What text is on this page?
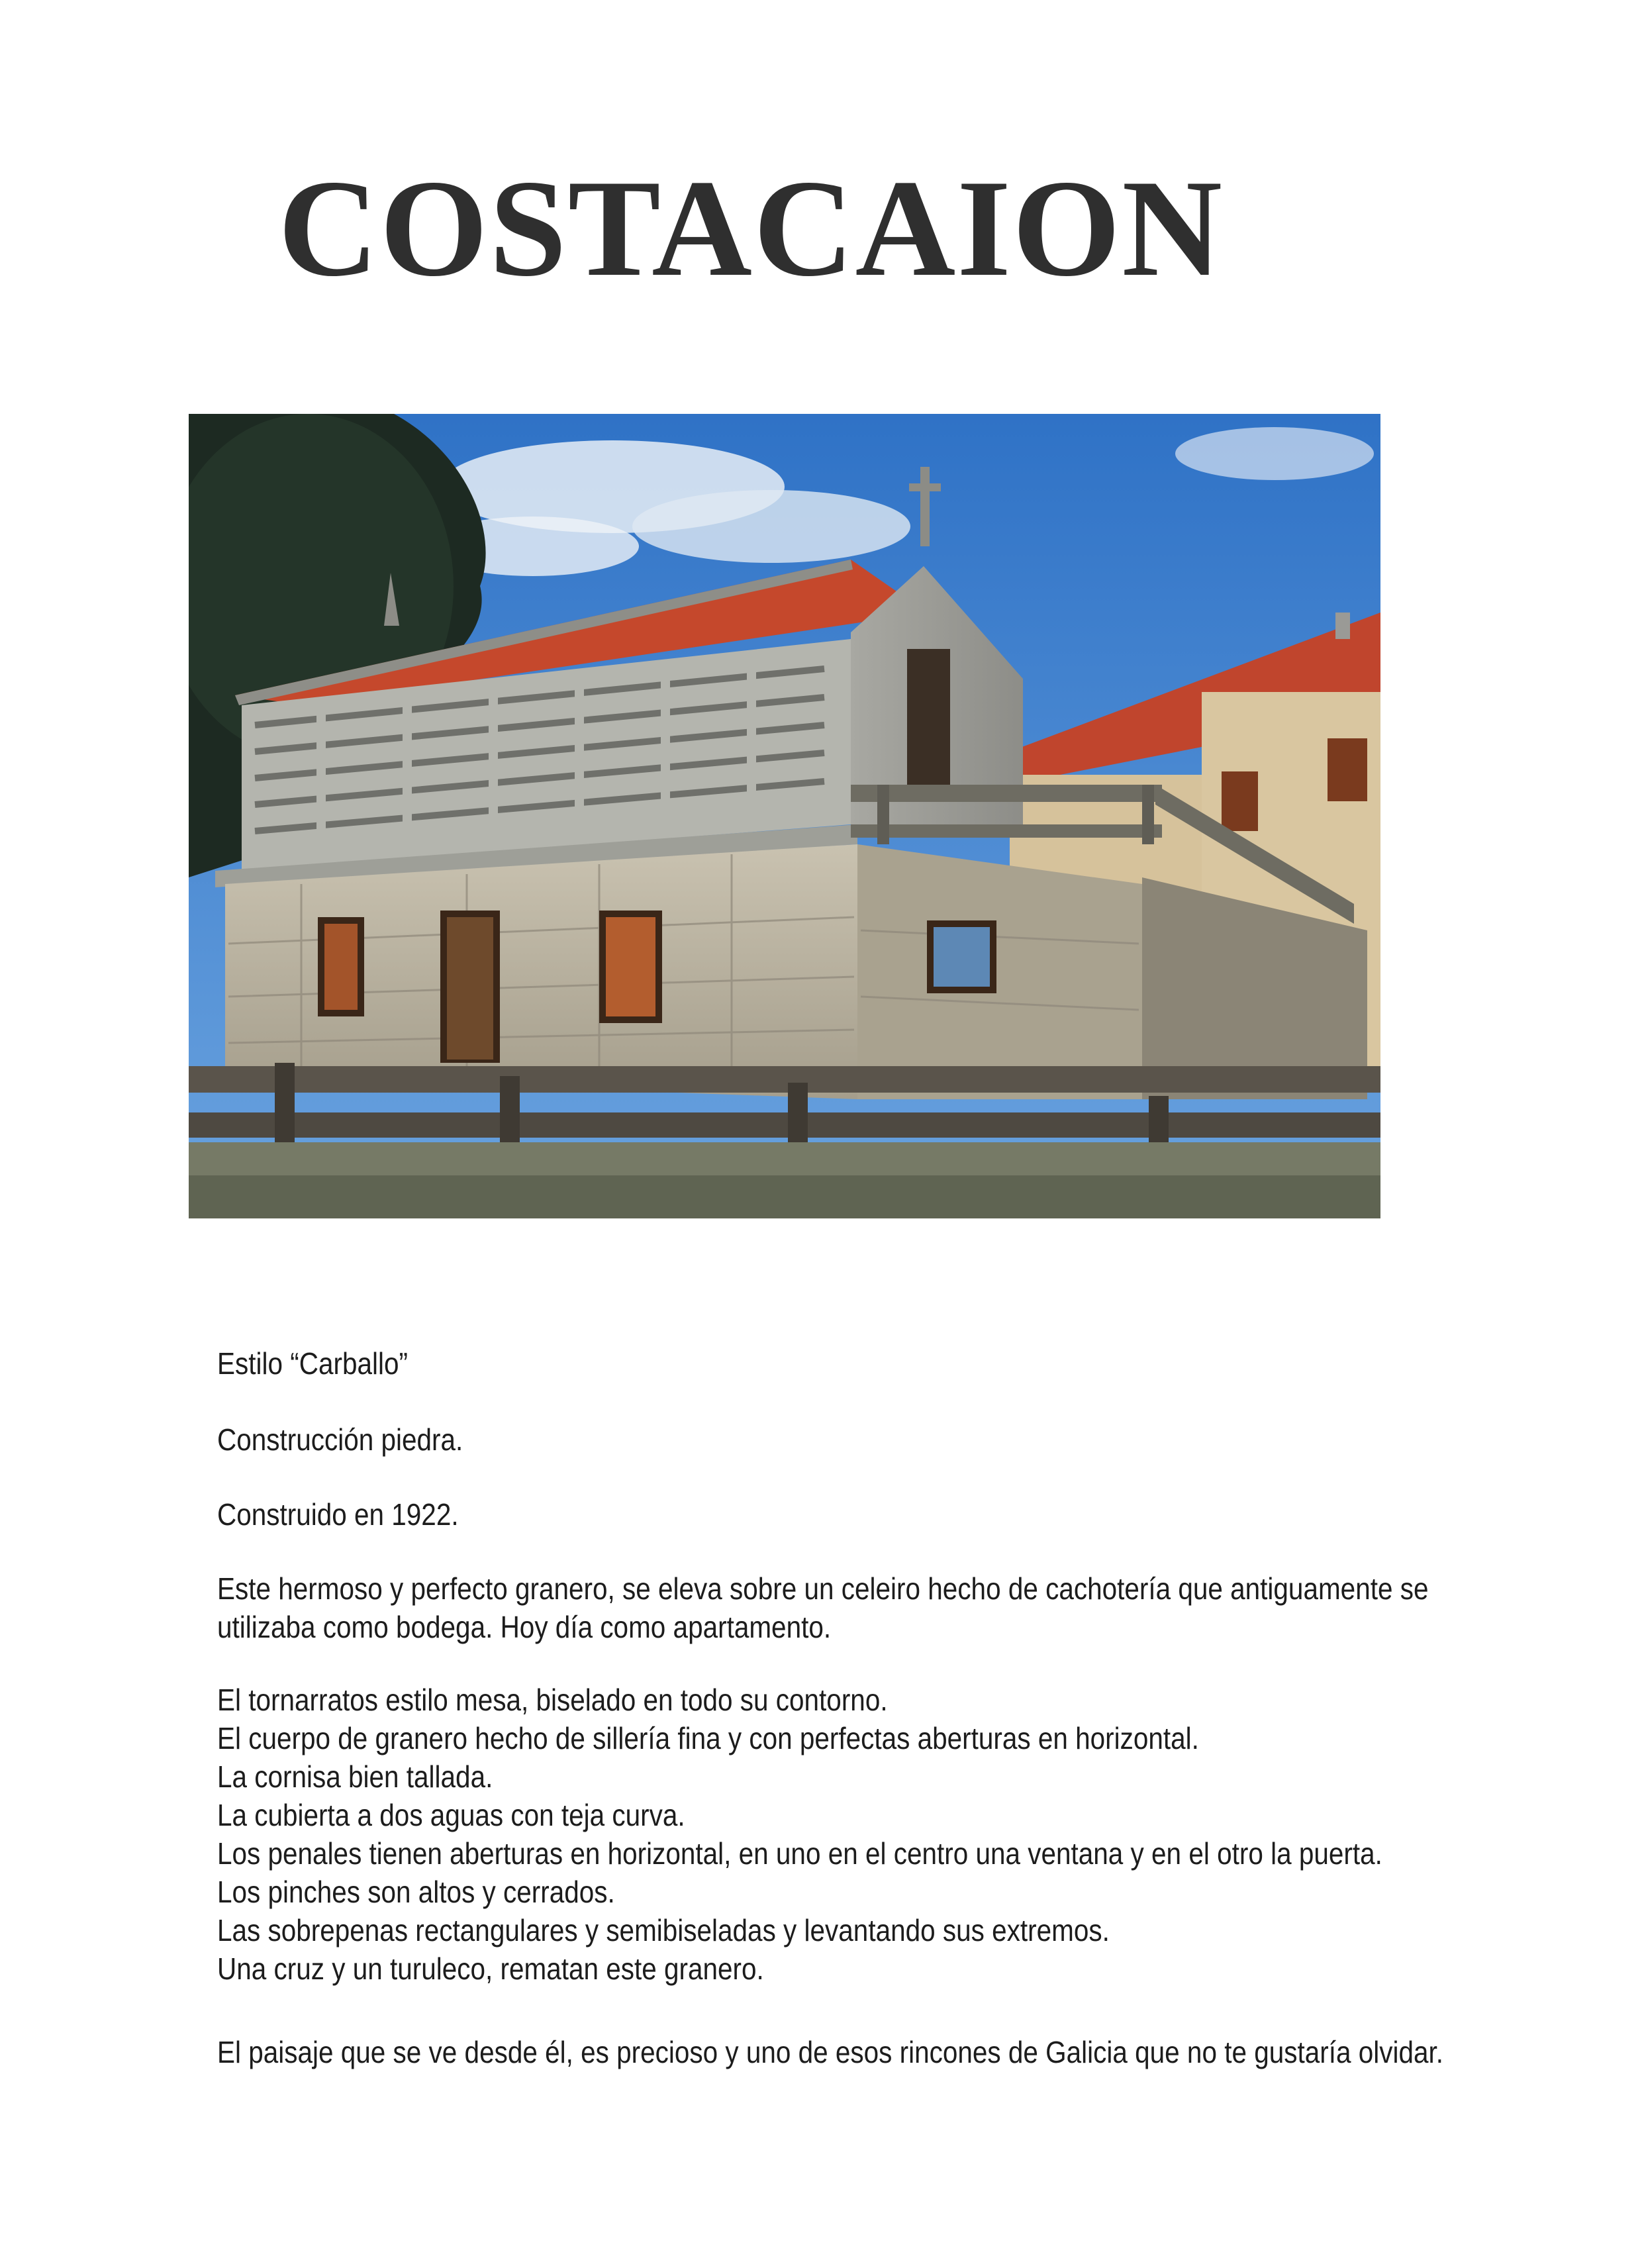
COSTACAION

Estilo “Carballo”

Construcción piedra.

Construido en 1922.

Este hermoso y perfecto granero, se eleva sobre un celeiro hecho de cachotería que antiguamente se
utilizaba como bodega. Hoy día como apartamento.
El tornarratos estilo mesa, biselado en todo su contorno.
El cuerpo de granero hecho de sillería fina y con perfectas aberturas en horizontal.
La cornisa bien tallada.
La cubierta a dos aguas con teja curva.
Los penales tienen aberturas en horizontal, en uno en el centro una ventana y en el otro la puerta.
Los pinches son altos y cerrados.
Las sobrepenas rectangulares y semibiseladas y levantando sus extremos.
Una cruz y un turuleco, rematan este granero.

El paisaje que se ve desde él, es precioso y uno de esos rincones de Galicia que no te gustaría olvidar.
